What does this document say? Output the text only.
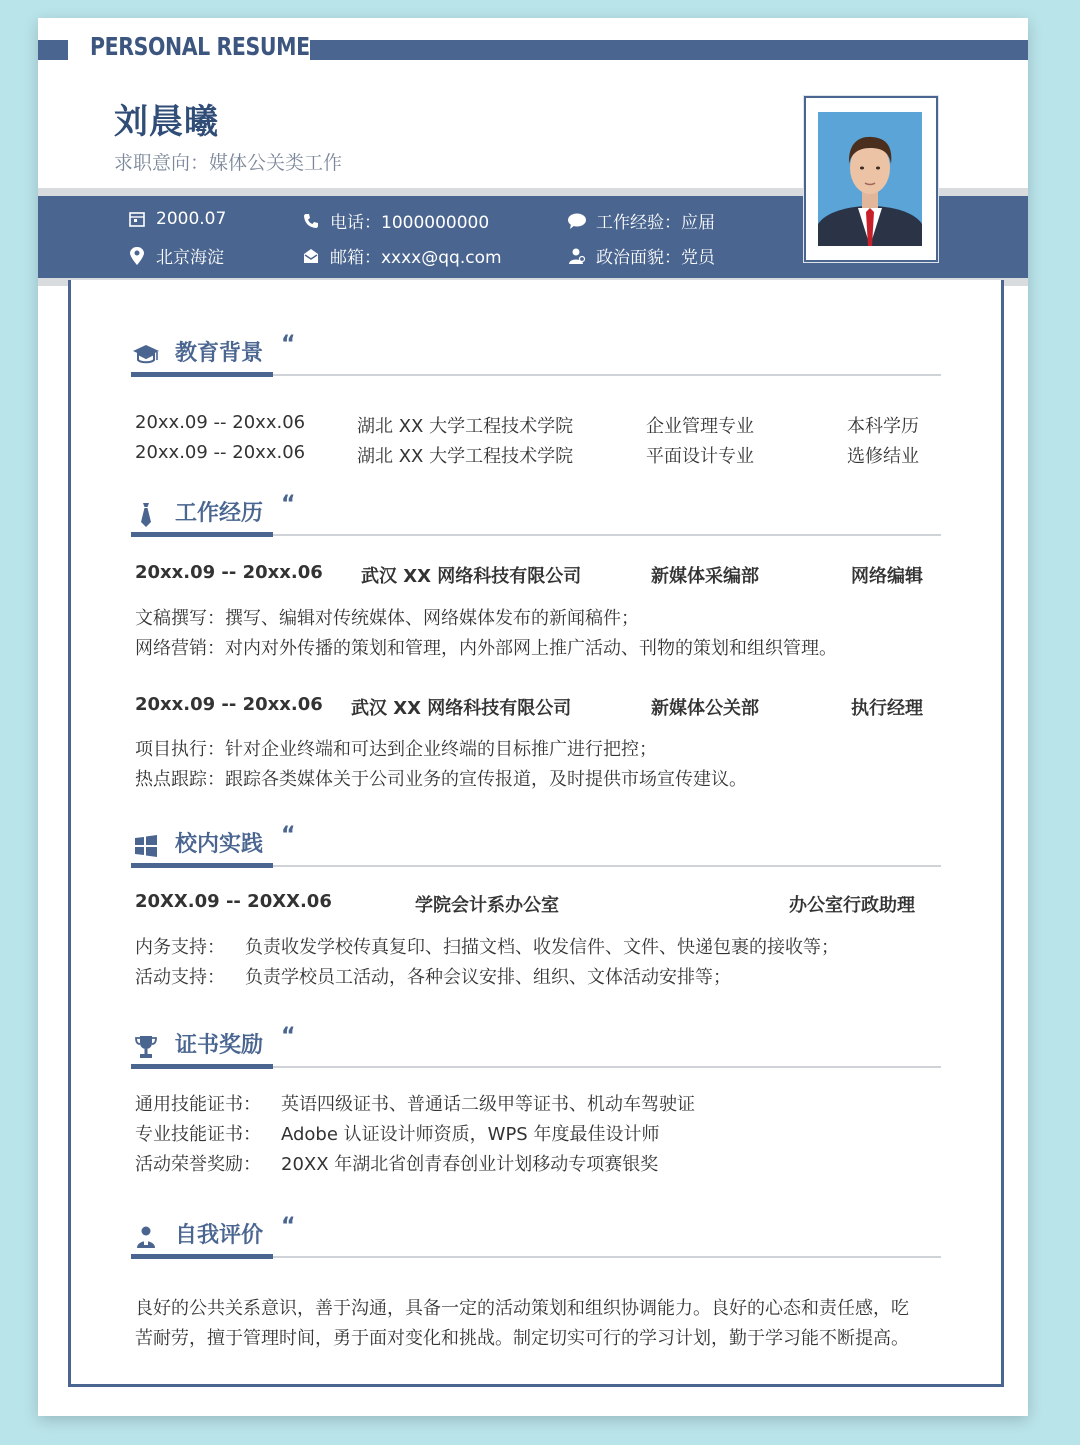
PERSONAL RESUME
刘晨曦
求职意向：媒体公关类工作
2000.07
北京海淀
电话：1000000000
邮箱：xxxx@qq.com
工作经验：应届
政治面貌：党员
教育背景 “
20xx.09 -- 20xx.06	湖北 XX 大学工程技术学院	企业管理专业	本科学历
20xx.09 -- 20xx.06	湖北 XX 大学工程技术学院	平面设计专业	选修结业
工作经历 “
20xx.09 -- 20xx.06 武汉 XX 网络科技有限公司	新媒体采编部	网络编辑
文稿撰写：撰写、编辑对传统媒体、网络媒体发布的新闻稿件；
网络营销：对内对外传播的策划和管理，内外部网上推广活动、刊物的策划和组织管理。
20xx.09 -- 20xx.06 武汉 XX 网络科技有限公司	新媒体公关部	执行经理
项目执行：针对企业终端和可达到企业终端的目标推广进行把控；
热点跟踪：跟踪各类媒体关于公司业务的宣传报道，及时提供市场宣传建议。
校内实践 “
20XX.09 -- 20XX.06	学院会计系办公室	办公室行政助理
内务支持： 负责收发学校传真复印、扫描文档、收发信件、文件、快递包裹的接收等；
活动支持： 负责学校员工活动，各种会议安排、组织、文体活动安排等；
证书奖励 “
通用技能证书： 英语四级证书、普通话二级甲等证书、机动车驾驶证
专业技能证书： Adobe 认证设计师资质，WPS 年度最佳设计师
活动荣誉奖励： 20XX 年湖北省创青春创业计划移动专项赛银奖
自我评价 “
良好的公共关系意识，善于沟通，具备一定的活动策划和组织协调能力。良好的心态和责任感，吃
苦耐劳，擅于管理时间，勇于面对变化和挑战。制定切实可行的学习计划，勤于学习能不断提高。
